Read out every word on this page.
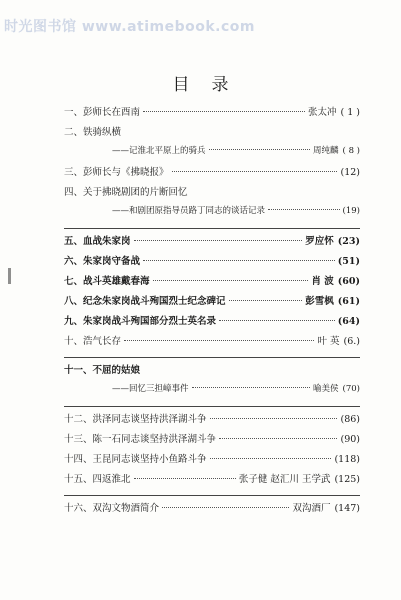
时光图书馆 www.atimebook.com
目录
一、彭师长在酉南	张太冲 ( 1 )
二、铁骑纵横
——记淮北平原上的骑兵	周纯麟 ( 8 )
三、彭师长与《拂晓报》	(12)
四、关于拂晓剧团的片断回忆
——和剧团原指导员路丁同志的谈话记录	(19)
五、血战朱家岗	罗应怀 (23)
六、朱家岗守备战	(51)
七、战斗英雄戴春海	肖 波 (60)
八、纪念朱家岗战斗殉国烈士纪念碑记	彭雪枫 (61)
九、朱家岗战斗殉国部分烈士英名录	(64)
十、浩气长存	叶 英 (6.)
十一、不屈的姑娘
——回忆三担嶂事件	喻美侯 (70)
十二、洪泽同志谈坚持洪泽湖斗争	(86)
十三、陈一石同志谈坚持洪泽湖斗争	(90)
十四、王昆同志谈坚持小鱼路斗争	(118)
十五、四返淮北	张子健 赵汇川 王学武 (125)
十六、双沟文物酒简介	双沟酒厂 (147)
